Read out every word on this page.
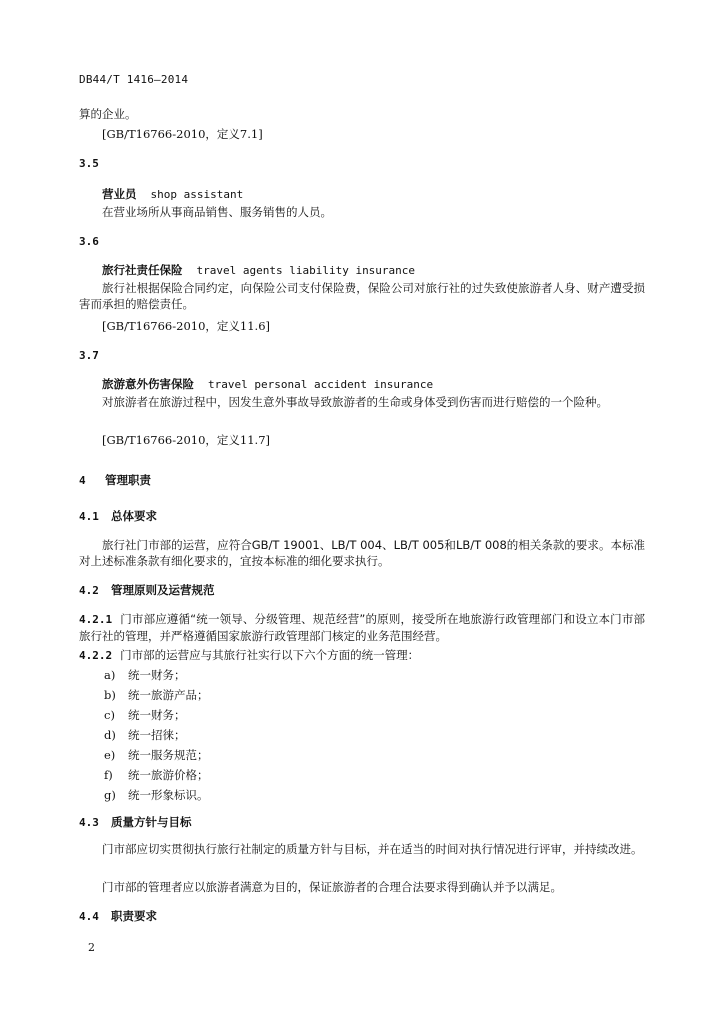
DB44/T 1416—2014
算的企业。
[GB/T16766-2010，定义7.1]
3.5
营业员 shop assistant
在营业场所从事商品销售、服务销售的人员。
3.6
旅行社责任保险 travel agents liability insurance
旅行社根据保险合同约定，向保险公司支付保险费，保险公司对旅行社的过失致使旅游者人身、财产遭受损害而承担的赔偿责任。
[GB/T16766-2010，定义11.6]
3.7
旅游意外伤害保险 travel personal accident insurance
对旅游者在旅游过程中，因发生意外事故导致旅游者的生命或身体受到伤害而进行赔偿的一个险种。
[GB/T16766-2010，定义11.7]
4 管理职责
4.1 总体要求
旅行社门市部的运营，应符合GB/T 19001、LB/T 004、LB/T 005和LB/T 008的相关条款的要求。本标准对上述标准条款有细化要求的，宜按本标准的细化要求执行。
4.2 管理原则及运营规范
4.2.1 门市部应遵循“统一领导、分级管理、规范经营”的原则，接受所在地旅游行政管理部门和设立本门市部旅行社的管理，并严格遵循国家旅游行政管理部门核定的业务范围经营。
4.2.2 门市部的运营应与其旅行社实行以下六个方面的统一管理：
a) 统一财务；
b) 统一旅游产品；
c) 统一财务；
d) 统一招徕；
e) 统一服务规范；
f) 统一旅游价格；
g) 统一形象标识。
4.3 质量方针与目标
门市部应切实贯彻执行旅行社制定的质量方针与目标，并在适当的时间对执行情况进行评审，并持续改进。
门市部的管理者应以旅游者满意为目的，保证旅游者的合理合法要求得到确认并予以满足。
4.4 职责要求
2
